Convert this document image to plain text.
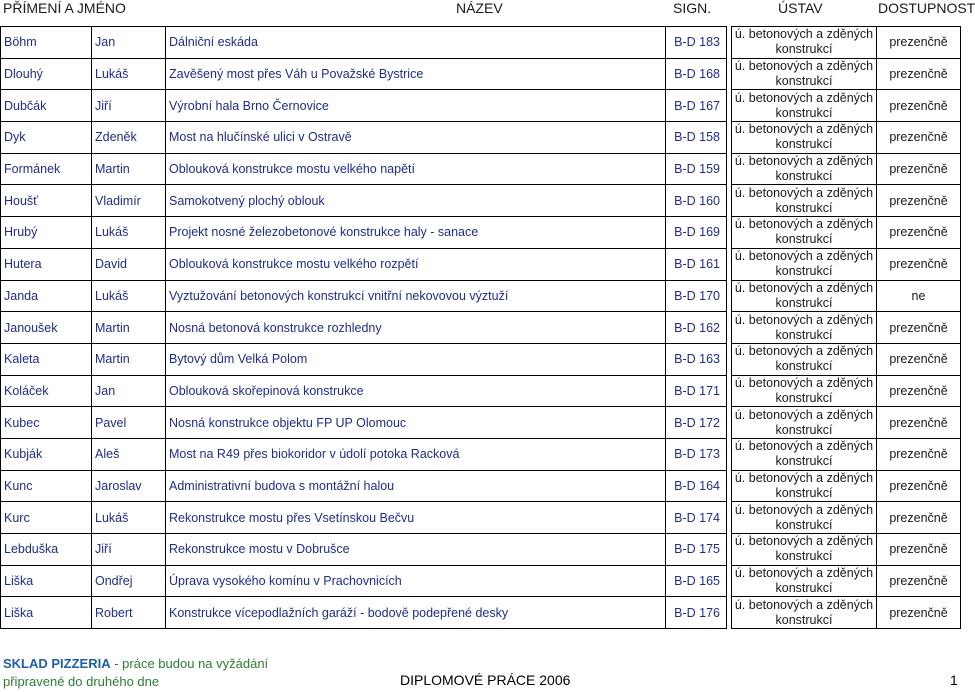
PŘÍMENÍ A JMÉNO	NÁZEV	SIGN.	ÚSTAV	DOSTUPNOST
Böhm	Jan	Dálniční eskáda	B-D 183		ú. betonových a zděných konstrukcí	prezenčně
Dlouhý	Lukáš	Zavěšený most přes Váh u Považské Bystrice	B-D 168		ú. betonových a zděných konstrukcí	prezenčně
Dubčák	Jiří	Výrobní hala Brno Černovice	B-D 167		ú. betonových a zděných konstrukcí	prezenčně
Dyk	Zdeněk	Most na hlučínské ulici v Ostravě	B-D 158		ú. betonových a zděných konstrukcí	prezenčně
Formánek	Martin	Oblouková konstrukce mostu velkého napětí	B-D 159		ú. betonových a zděných konstrukcí	prezenčně
Houšť	Vladimír	Samokotvený plochý oblouk	B-D 160		ú. betonových a zděných konstrukcí	prezenčně
Hrubý	Lukáš	Projekt nosné železobetonové konstrukce haly - sanace	B-D 169		ú. betonových a zděných konstrukcí	prezenčně
Hutera	David	Oblouková konstrukce mostu velkého rozpětí	B-D 161		ú. betonových a zděných konstrukcí	prezenčně
Janda	Lukáš	Vyztužování betonových konstrukcí vnitřní nekovovou výztuží	B-D 170		ú. betonových a zděných konstrukcí	ne
Janoušek	Martin	Nosná betonová konstrukce rozhledny	B-D 162		ú. betonových a zděných konstrukcí	prezenčně
Kaleta	Martin	Bytový dům Velká Polom	B-D 163		ú. betonových a zděných konstrukcí	prezenčně
Koláček	Jan	Oblouková skořepinová konstrukce	B-D 171		ú. betonových a zděných konstrukcí	prezenčně
Kubec	Pavel	Nosná konstrukce objektu FP UP Olomouc	B-D 172		ú. betonových a zděných konstrukcí	prezenčně
Kubják	Aleš	Most na R49 přes biokoridor v údolí potoka Racková	B-D 173		ú. betonových a zděných konstrukcí	prezenčně
Kunc	Jaroslav	Administrativní budova s montážní halou	B-D 164		ú. betonových a zděných konstrukcí	prezenčně
Kurc	Lukáš	Rekonstrukce mostu přes Vsetínskou Bečvu	B-D 174		ú. betonových a zděných konstrukcí	prezenčně
Lebduška	Jiří	Rekonstrukce mostu v Dobrušce	B-D 175		ú. betonových a zděných konstrukcí	prezenčně
Liška	Ondřej	Úprava vysokého komínu v Prachovnicích	B-D 165		ú. betonových a zděných konstrukcí	prezenčně
Liška	Robert	Konstrukce vícepodlažních garáží - bodově podepřené desky	B-D 176		ú. betonových a zděných konstrukcí	prezenčně
SKLAD PIZZERIA - práce budou na vyžádání
připravené do druhého dne	DIPLOMOVÉ PRÁCE 2006	1
